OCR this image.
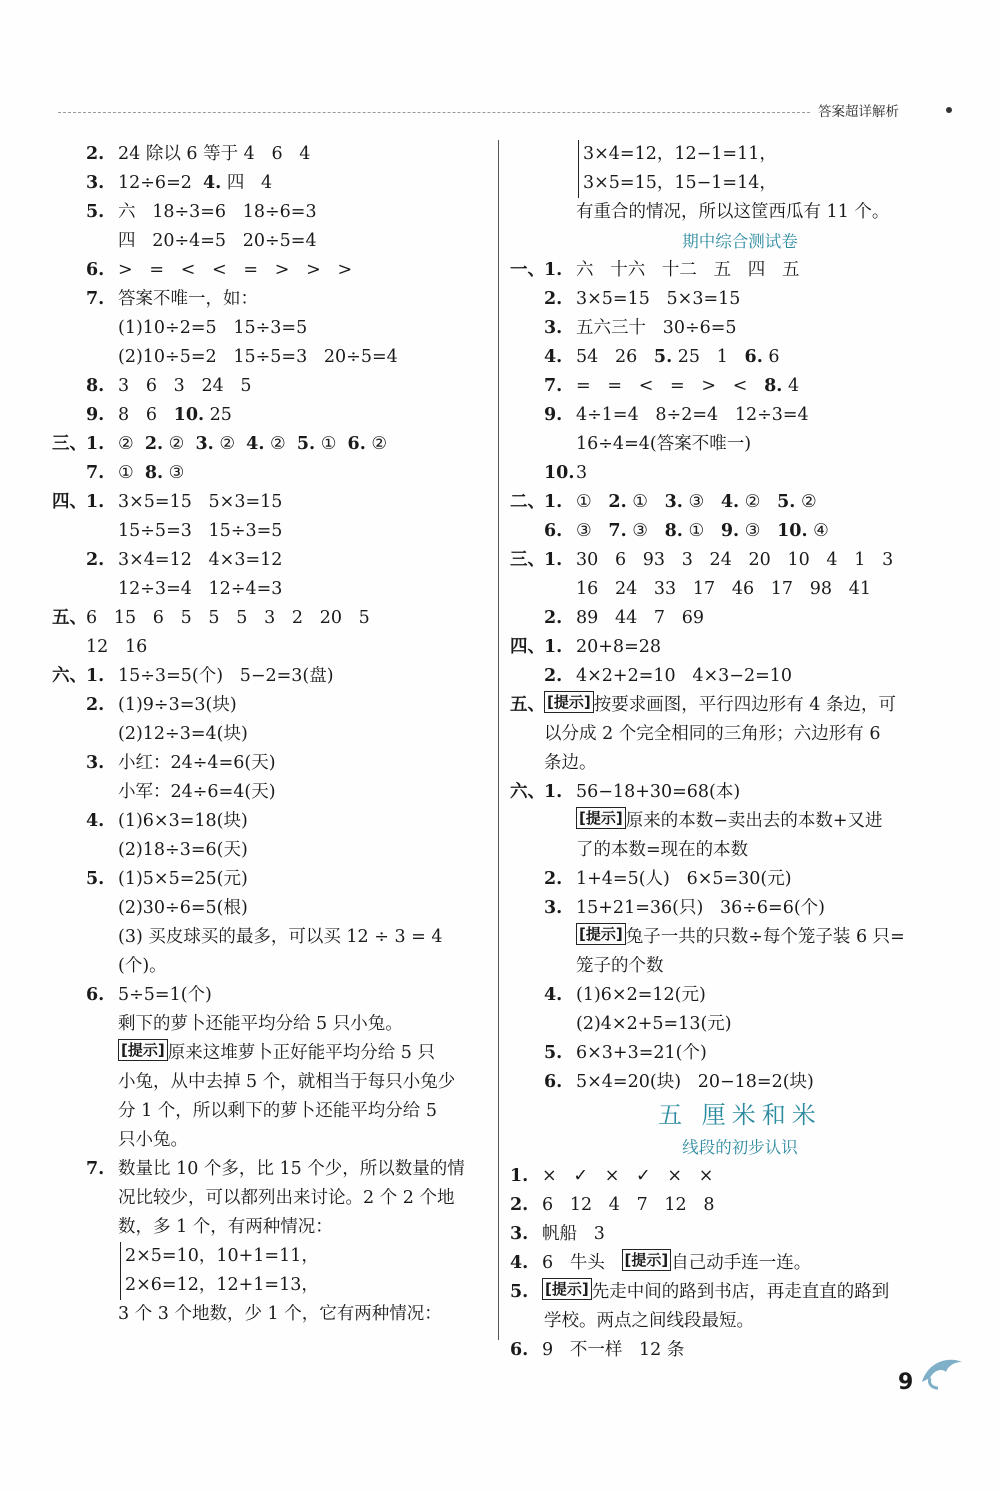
答案超详解析
2. 24 除以 6 等于 4   6   4
3. 12÷6=2 4. 四   4
5. 六   18÷3=6   18÷6=3
四   20÷4=5   20÷5=4
6. >   =   <   <   =   >   >   >
7. 答案不唯一，如：
(1)10÷2=5   15÷3=5
(2)10÷5=2   15÷5=3   20÷5=4
8. 3   6   3   24   5
9. 8   6 10. 25
三、 1. ② 2. ② 3. ② 4. ② 5. ① 6. ②
7. ① 8. ③
四、 1. 3×5=15   5×3=15
15÷5=3   15÷3=5
2. 3×4=12   4×3=12
12÷3=4   12÷4=3
五、 6   15   6   5   5   5   3   2   20   5
12   16
六、 1. 15÷3=5(个)   5−2=3(盘)
2. (1)9÷3=3(块)
(2)12÷3=4(块)
3. 小红：24÷4=6(天)
小军：24÷6=4(天)
4. (1)6×3=18(块)
(2)18÷3=6(天)
5. (1)5×5=25(元)
(2)30÷6=5(根)
(3) 买皮球买的最多，可以买 12 ÷ 3 = 4
(个)。
6. 5÷5=1(个)
剩下的萝卜还能平均分给 5 只小兔。
[提示] 原来这堆萝卜正好能平均分给 5 只
小兔，从中去掉 5 个，就相当于每只小兔少
分 1 个，所以剩下的萝卜还能平均分给 5
只小兔。
7. 数量比 10 个多，比 15 个少，所以数量的情
况比较少，可以都列出来讨论。2 个 2 个地
数，多 1 个，有两种情况：
2×5=10，10+1=11，
2×6=12，12+1=13，
3 个 3 个地数，少 1 个，它有两种情况：
3×4=12，12−1=11，
3×5=15，15−1=14，
有重合的情况，所以这筐西瓜有 11 个。
期中综合测试卷
一、 1. 六   十六   十二   五   四   五
2. 3×5=15   5×3=15
3. 五六三十   30÷6=5
4. 54   26 5. 25   1 6. 6
7. =   =   <   =   >   < 8. 4
9. 4÷1=4   8÷2=4   12÷3=4
16÷4=4(答案不唯一)
10. 3
二、 1. ① 2. ① 3. ③ 4. ② 5. ②
6. ③ 7. ③ 8. ① 9. ③ 10. ④
三、 1. 30   6   93   3   24   20   10   4   1   3
16   24   33   17   46   17   98   41
2. 89   44   7   69
四、 1. 20+8=28
2. 4×2+2=10   4×3−2=10
五、 [提示] 按要求画图，平行四边形有 4 条边，可
以分成 2 个完全相同的三角形；六边形有 6
条边。
六、 1. 56−18+30=68(本)
[提示] 原来的本数−卖出去的本数+又进
了的本数=现在的本数
2. 1+4=5(人)   6×5=30(元)
3. 15+21=36(只)   36÷6=6(个)
[提示] 兔子一共的只数÷每个笼子装 6 只=
笼子的个数
4. (1)6×2=12(元)
(2)4×2+5=13(元)
5. 6×3+3=21(个)
6. 5×4=20(块)   20−18=2(块)
五 厘米和米
线段的初步认识
1. ×   ✓   ×   ✓   ×   ×
2. 6   12   4   7   12   8
3. 帆船   3
4. 6   牛头 [提示] 自己动手连一连。
5.	[提示] 先走中间的路到书店，再走直直的路到
学校。两点之间线段最短。
6. 9   不一样   12 条
9
